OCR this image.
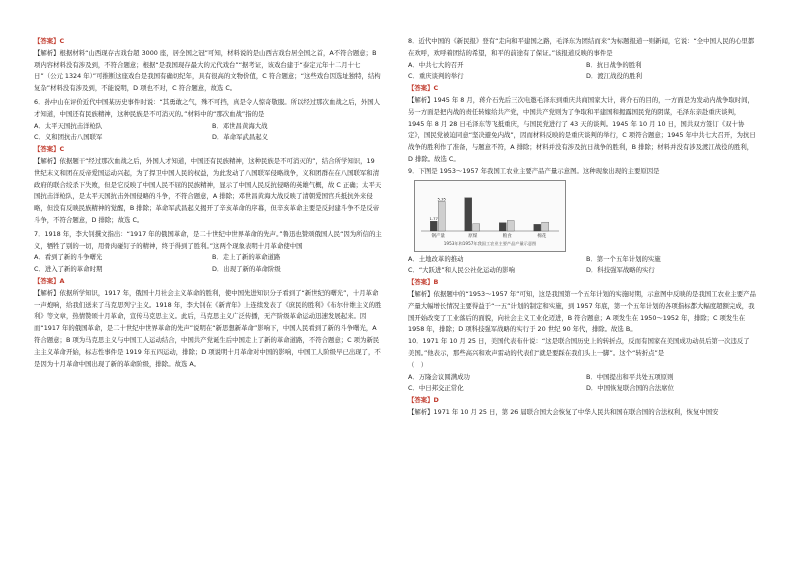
【答案】C

【解析】根据材料“山西现存古戏台超 3000 座，居全国之冠”可知，材料说的是山西古戏台居全国之首，A不符合题意；B 项内容材料没有涉及到，不符合题意；根据“是我国现存最大的元代戏台”“据考证，该戏台建于“泰定元年十二月十七日”（公元 1324 年）”可推断这座戏台是我国有确切纪年，具有很高的文物价值，C 符合题意；“这些戏台因选址独特，结构复杂”材料没有涉及到，不能说明，D 项也不对，C 符合题意，故选 C。

6．孙中山在评价近代中国某历史事件时说：“其勇敢之气，殊不可挡，真是令人惊奇敬服。所以经过那次血战之后，外国人才知道，中国还有民族精神，这种民族是不可消灭的。”材料中的“那次血战”指的是

A．太平天国抗击洋枪队	B．邓世昌黄海大战
C．义和团抗击八国联军	D．革命军武昌起义

【答案】C

【解析】依据题干“经过那次血战之后，外国人才知道，中国还有民族精神，这种民族是不可消灭的”，结合所学知识，19 世纪末义和团在反帝爱国运动兴起，为了捍卫中国人民的权益，为此发动了八国联军侵略战争，义和团群在在八国联军和清政府的联合绞杀下失败，但是它反映了中国人民不屈的民族精神，显示了中国人民反抗侵略的英雄气概，故 C 正确；太平天国抗击洋枪队，是太平天国抗击外国侵略的斗争，不符合题意，A 排除；邓世昌黄海大战反映了清朝爱国官兵抵抗外来侵略，但没有反映民族精神的觉醒，B 排除；革命军武昌起义揭开了辛亥革命的序幕，但辛亥革命主要是反封建斗争不是反帝斗争，不符合题意，D 排除；故选 C。

7．1918 年，李大钊撰文指出：“1917 年的俄国革命，是二十世纪中世界革命的先声。”鲁迅也赞颂俄国人民“因为所信的主义，牺牲了别的一切，用骨肉碰钉子的精神，终于得到了胜利。”这两个现象表明十月革命使中国

A．看到了新的斗争曙光	B．走上了新的革命道路
C．进入了新的革命时期	D．出现了新的革命阶级

【答案】A

【解析】依据所学知识，1917 年，俄国十月社会主义革命的胜利，使中国先进知识分子看到了“新世纪的曙光”，十月革命一声炮响，给我们送来了马克思列宁主义。1918 年，李大钊在《新青年》上连续发表了《庶民的胜利》《布尔什维主义的胜利》等文章，热情赞颂十月革命，宣传马克思主义。此后，马克思主义广泛传播，无产阶级革命运动迅速发展起来。因而“1917 年的俄国革命，是二十世纪中世界革命的先声”说明在“新思想新革命”影响下，中国人民看到了新的斗争曙光，A 符合题意；B 项为马克思主义与中国工人运动结合，中国共产党诞生后中国走上了新的革命道路，不符合题意；C 项为新民主主义革命开始，标志性事件是 1919 年五四运动，排除；D 项说明十月革命对中国的影响，中国工人阶级早已出现了，不是因为十月革命中国出现了新的革命阶级，排除。故选 A。

8．近代中国的《新民报》登有“走向和平建国之路，毛泽东为团结而来”为标题报道一则新闻，它说：“全中国人民的心里都在欢呼，欢呼着团结的希望，和平的前途有了保证。”该报道反映的事件是

A．中共七大的召开	B．抗日战争的胜利
C．重庆谈判的举行	D．渡江战役的胜利

【答案】C

【解析】1945 年 8 月，蒋介石先后三次电邀毛泽东到重庆共商国家大计，蒋介石的目的，一方面是为发动内战争取时间，另一方面是把内战的责任转嫁给共产党，中国共产党则为了争取和平建国和揭露国民党的阴谋，毛泽东亲赴重庆谈判，1945 年 8 月 28 日毛泽东等飞抵重庆，与国民党进行了 43 天的谈判。1945 年 10 月 10 日，国共双方签订《双十协定》，国民党被迫同意“坚决避免内战”，因而材料反映的是重庆谈判的举行，C 项符合题意；1945 年中共七大召开，为抗日战争的胜利作了准备，与题意不符，A 排除；材料并没有涉及抗日战争的胜利，B 排除；材料并没有涉及渡江战役的胜利，D 排除。故选 C。

9．下图是 1953～1957 年我国工农业主要产品产量示意图。这种现象出现的主要原因是

钢产量	原煤	粮食	棉花
1.77
5.35
1953年和1957年我国工农业主要产品产量示意图
A．土地改革的推动	B．第一个五年计划的实施
C．“大跃进”和人民公社化运动的影响	D．科技强军战略的实行

【答案】B

【解析】依据题中的“1953～1957 年”可知，这是我国第一个五年计划的实施时期，示意图中反映的是我国工农业主要产品产量大幅增长情况主要得益于“一五”计划的制定和实施，到 1957 年底，第一个五年计划的各项指标都大幅度超额完成，我国开始改变了工业落后的面貌，向社会主义工业化迈进，B 符合题意；A 项发生在 1950～1952 年，排除；C 项发生在 1958 年，排除；D 项科技强军战略的实行于 20 世纪 90 年代，排除。故选 B。

10．1971 年 10 月 25 日，美国代表布什说：“这是联合国历史上的转折点，反而有国家在美国成功动员后第一次违反了美国。”他表示，那些高兴和欢声雷动的代表们“就是要踩在我们头上一脚”。这个“转折点”是

（　）

A．万隆会议圆满成功	B．中国提出和平共处五项原则
C．中日邦交正常化	D．中国恢复联合国的合法席位

【答案】D

【解析】1971 年 10 月 25 日，第 26 届联合国大会恢复了中华人民共和国在联合国的合法权利，恢复中国安
